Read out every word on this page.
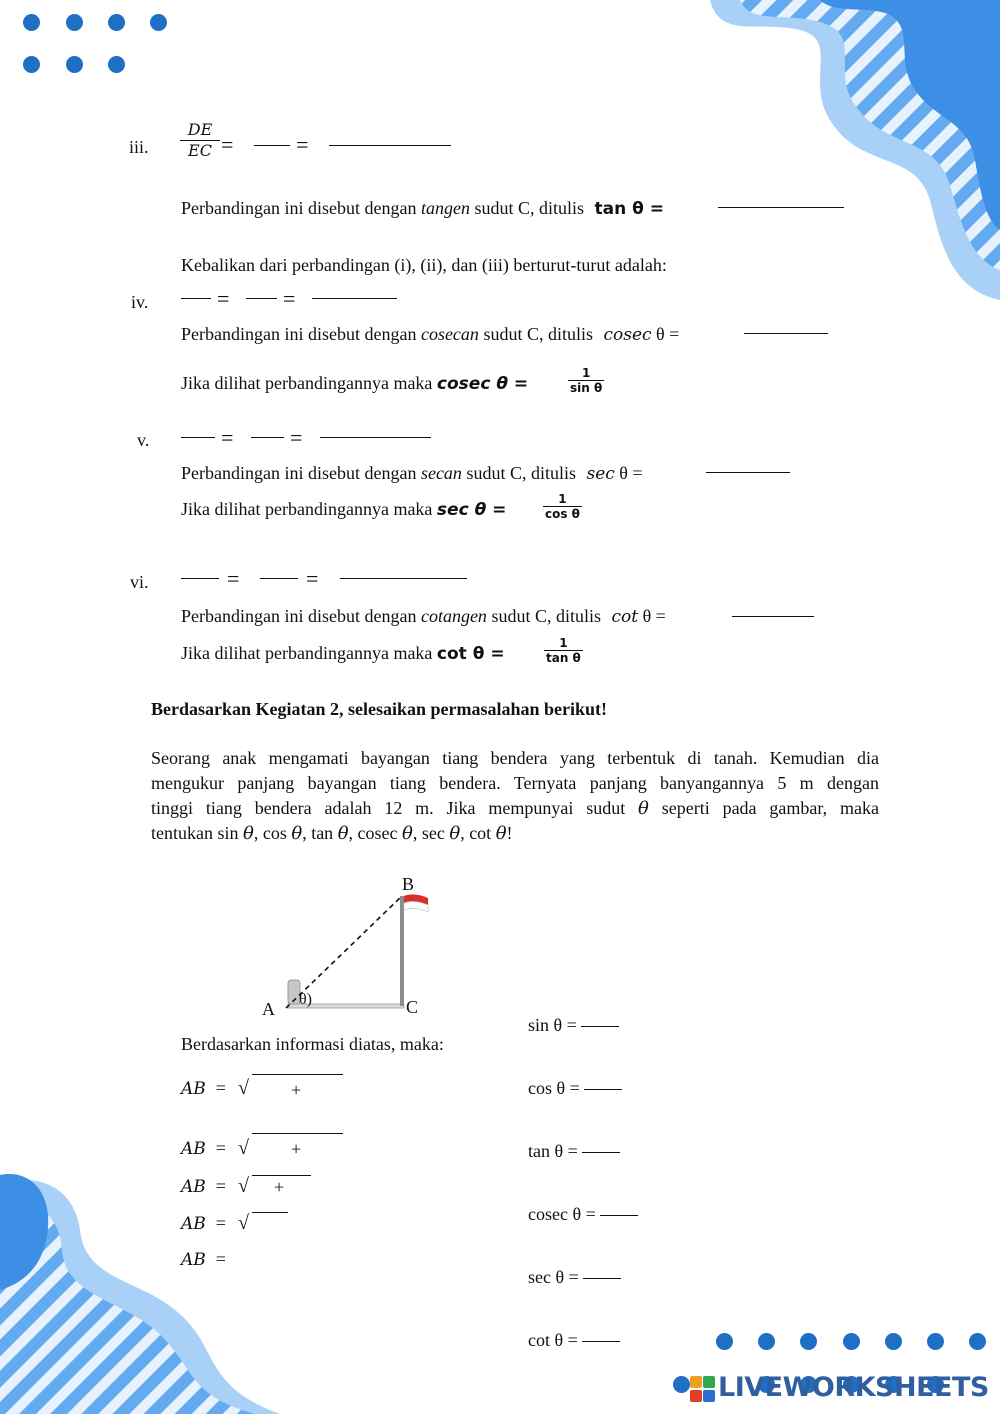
iii. $\frac{DE}{EC}$ =	=
Perbandingan ini disebut dengan tangen sudut C, ditulis tan θ =
Kebalikan dari perbandingan (i), (ii), dan (iii) berturut-turut adalah:
iv.	= =
Perbandingan ini disebut dengan cosecan sudut C, ditulis cosec θ =
Jika dilihat perbandingannya maka cosec θ =	$\frac{1}{\text{sin θ}}$
v.	=	=
Perbandingan ini disebut dengan secan sudut C, ditulis sec θ =
Jika dilihat perbandingannya maka sec θ =	$\frac{1}{\text{cos θ}}$
vi.	=	=
Perbandingan ini disebut dengan cotangen sudut C, ditulis cot θ =
Jika dilihat perbandingannya maka cot θ =	$\frac{1}{\text{tan θ}}$
Berdasarkan Kegiatan 2, selesaikan permasalahan berikut!
Seorang anak mengamati bayangan tiang bendera yang terbentuk di tanah. Kemudian dia
mengukur panjang bayangan tiang bendera. Ternyata panjang banyangannya 5 m dengan
tinggi tiang bendera adalah 12 m. Jika mempunyai sudut θ seperti pada gambar, maka
tentukan sin θ, cos θ, tan θ, cosec θ, sec θ, cot θ!
B
A	C
θ)
Berdasarkan informasi diatas, maka:
AB = √ +
AB = √ +
AB = √ +
AB = √
AB =
sin θ =
cos θ =
tan θ =
cosec θ =
sec θ =
cot θ =
LIVEWORKSHEETS
